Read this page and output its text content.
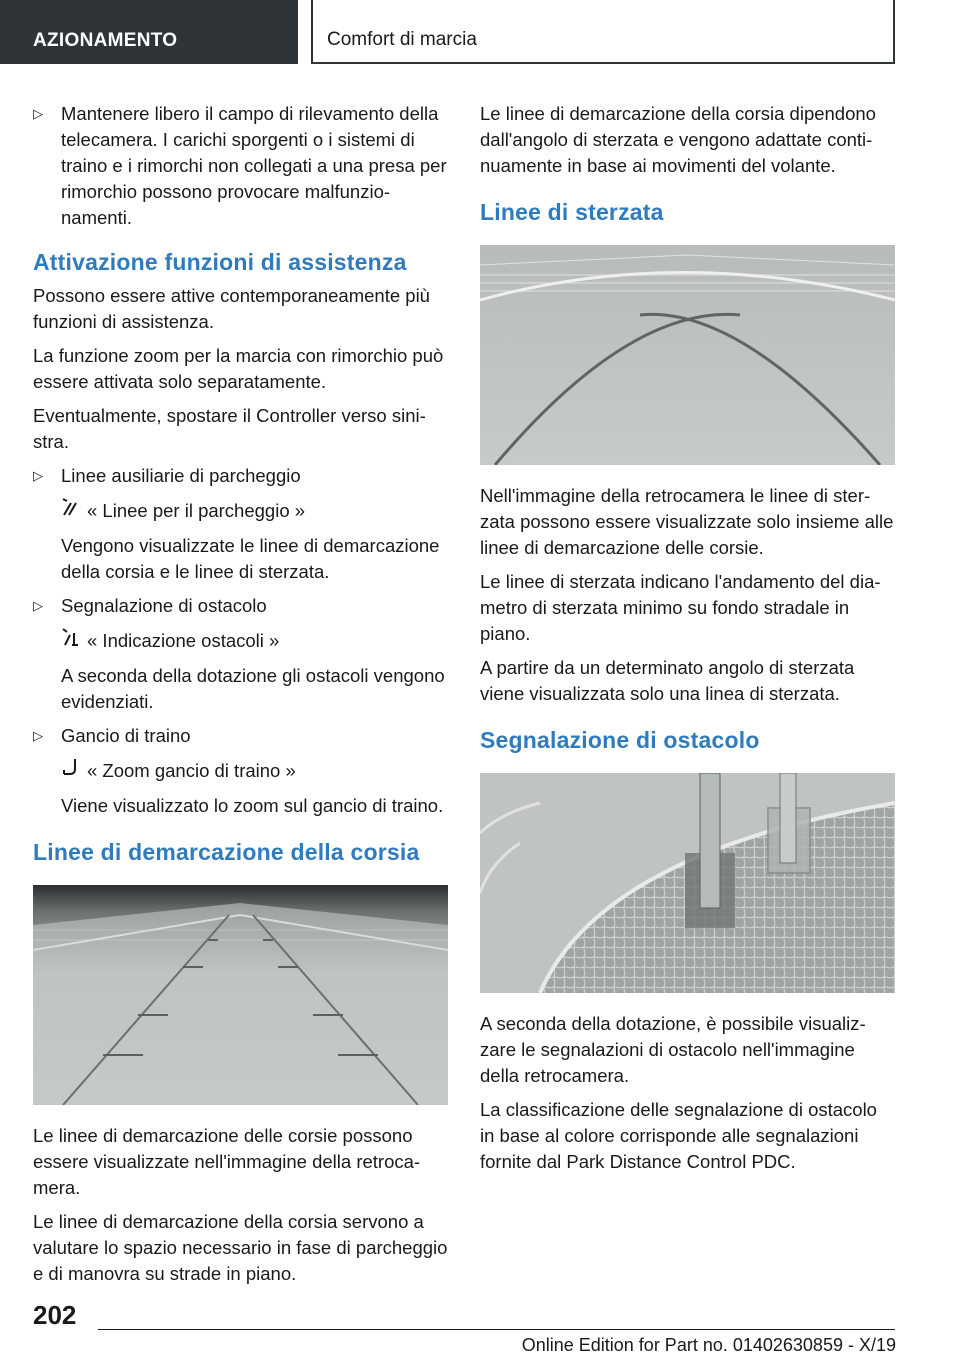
AZIONAMENTO	Comfort di marcia
▷ Mantenere libero il campo di rilevamento della telecamera. I carichi sporgenti o i sistemi di traino e i rimorchi non collegati a una presa per rimorchio possono provocare malfunzionamenti.
Attivazione funzioni di assistenza

Possono essere attive contemporaneamente più funzioni di assistenza.

La funzione zoom per la marcia con rimorchio può essere attivata solo separatamente.

Eventualmente, spostare il Controller verso sinistra.

▷ Linee ausiliarie di parcheggio
« Linee per il parcheggio »
Vengono visualizzate le linee di demarcazione della corsia e le linee di sterzata.
▷ Segnalazione di ostacolo
« Indicazione ostacoli »
A seconda della dotazione gli ostacoli vengono evidenziati.
▷ Gancio di traino
« Zoom gancio di traino »
Viene visualizzato lo zoom sul gancio di traino.
Linee di demarcazione della corsia

Le linee di demarcazione delle corsie possono essere visualizzate nell'immagine della retrocamera.

Le linee di demarcazione della corsia servono a valutare lo spazio necessario in fase di parcheggio e di manovra su strade in piano.

Le linee di demarcazione della corsia dipendono dall'angolo di sterzata e vengono adattate continuamente in base ai movimenti del volante.

Linee di sterzata

Nell'immagine della retrocamera le linee di sterzata possono essere visualizzate solo insieme alle linee di demarcazione delle corsie.

Le linee di sterzata indicano l'andamento del diametro di sterzata minimo su fondo stradale in piano.

A partire da un determinato angolo di sterzata viene visualizzata solo una linea di sterzata.

Segnalazione di ostacolo

A seconda della dotazione, è possibile visualizzare le segnalazioni di ostacolo nell'immagine della retrocamera.

La classificazione delle segnalazione di ostacolo in base al colore corrisponde alle segnalazioni fornite dal Park Distance Control PDC.

202
Online Edition for Part no. 01402630859 - X/19
